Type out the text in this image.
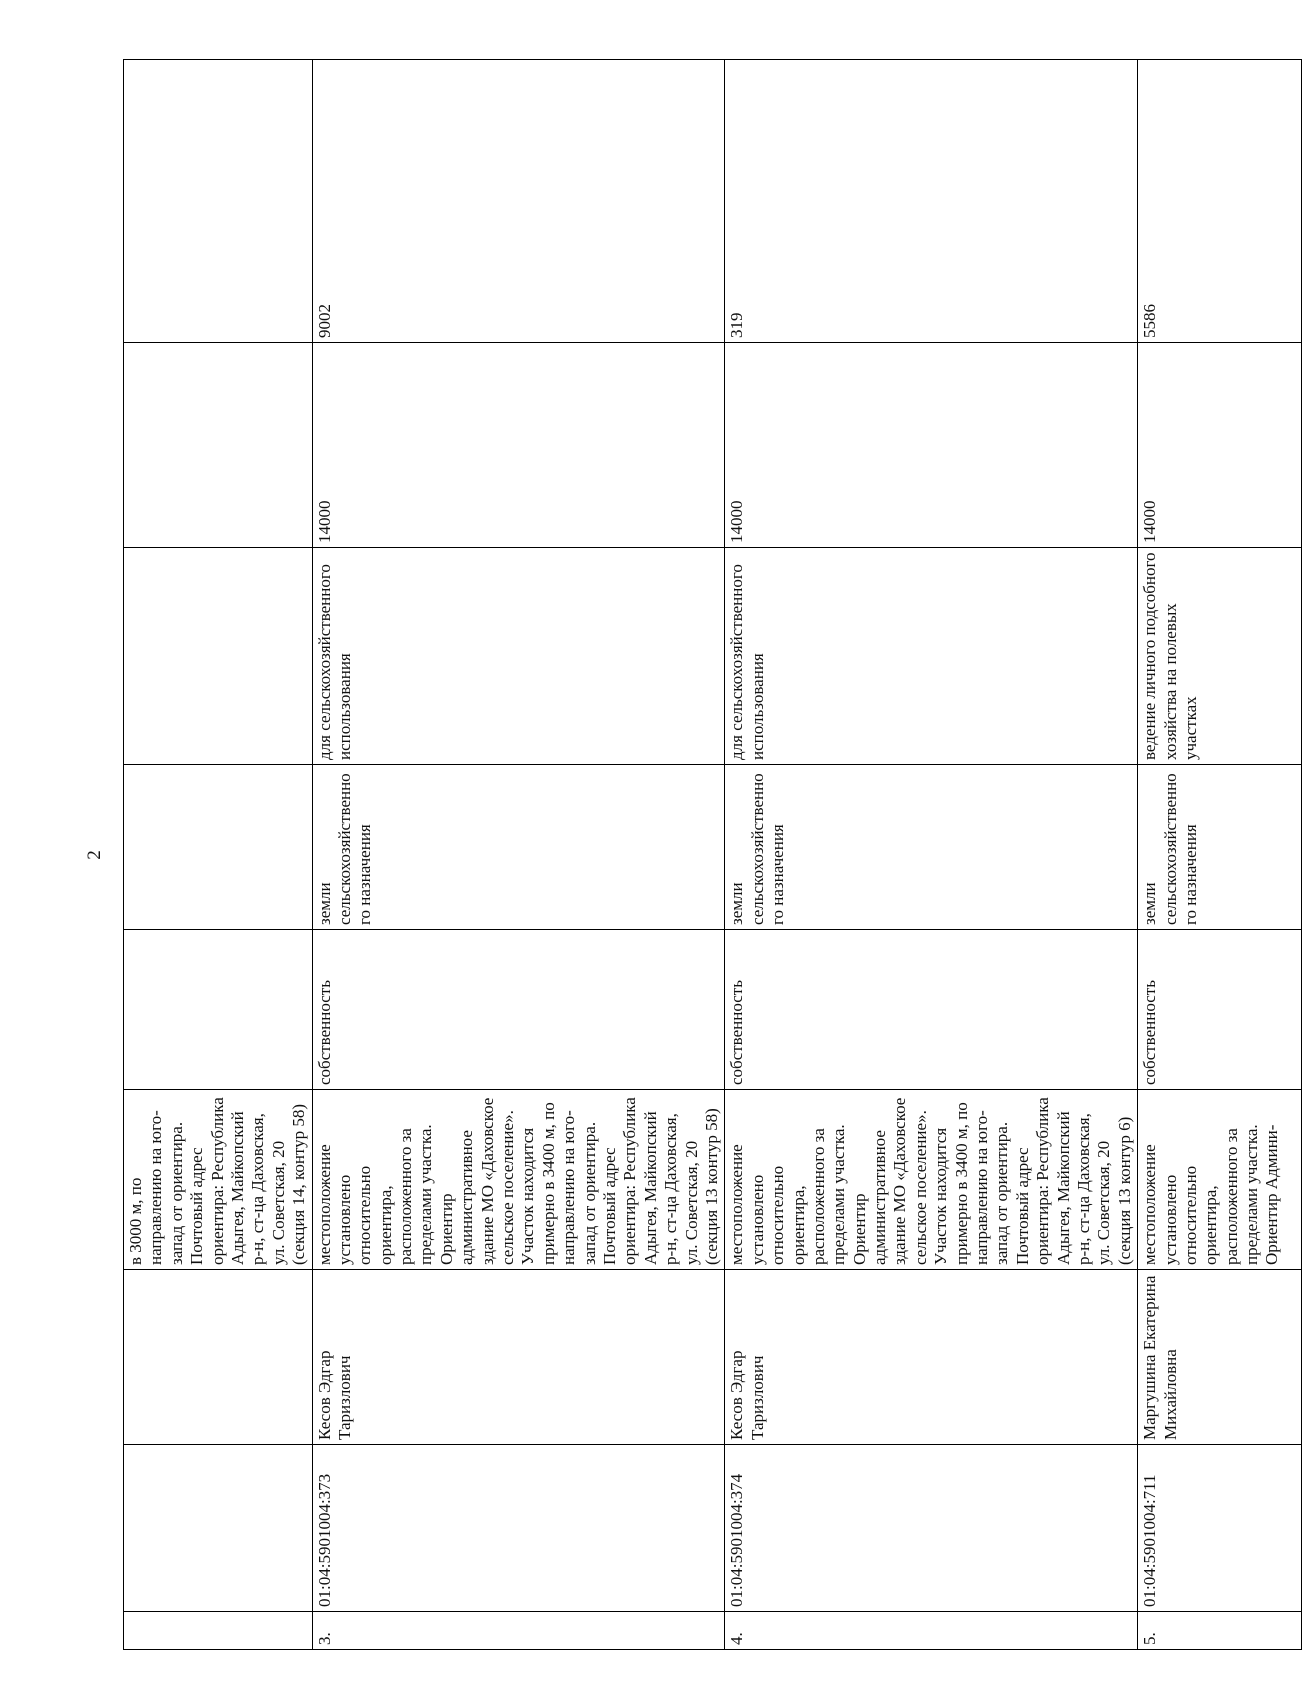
2
			в 3000 м, по направлению на юго-запад от ориентира. Почтовый адрес ориентира: Республика Адыгея, Майкопский р-н, ст-ца Даховская, ул. Советская, 20 (секция 14, контур 58)					
3.	01:04:5901004:373	Кесов Эдгар Таризлович	местоположение установлено относительно ориентира, расположенного за пределами участка. Ориентир административное здание МО «Даховское сельское поселение». Участок находится примерно в 3400 м, по направлению на юго-запад от ориентира. Почтовый адрес ориентира: Республика Адыгея, Майкопский р-н, ст-ца Даховская, ул. Советская, 20 (секция 13 контур 58)	собственность	земли сельскохозяйственного назначения	для сельскохозяйственного использования	14000	9002
4.	01:04:5901004:374	Кесов Эдгар Таризлович	местоположение установлено относительно ориентира, расположенного за пределами участка. Ориентир административное здание МО «Даховское сельское поселение». Участок находится примерно в 3400 м, по направлению на юго-запад от ориентира. Почтовый адрес ориентира: Республика Адыгея, Майкопский р-н, ст-ца Даховская, ул. Советская, 20 (секция 13 контур 6)	собственность	земли сельскохозяйственного назначения	для сельскохозяйственного использования	14000	319
5.	01:04:5901004:711	Маргушина Екатерина Михайловна	местоположение установлено относительно ориентира, расположенного за пределами участка. Ориентир Админи-	собственность	земли сельскохозяйственного назначения	ведение личного подсобного хозяйства на полевых участках	14000	5586
